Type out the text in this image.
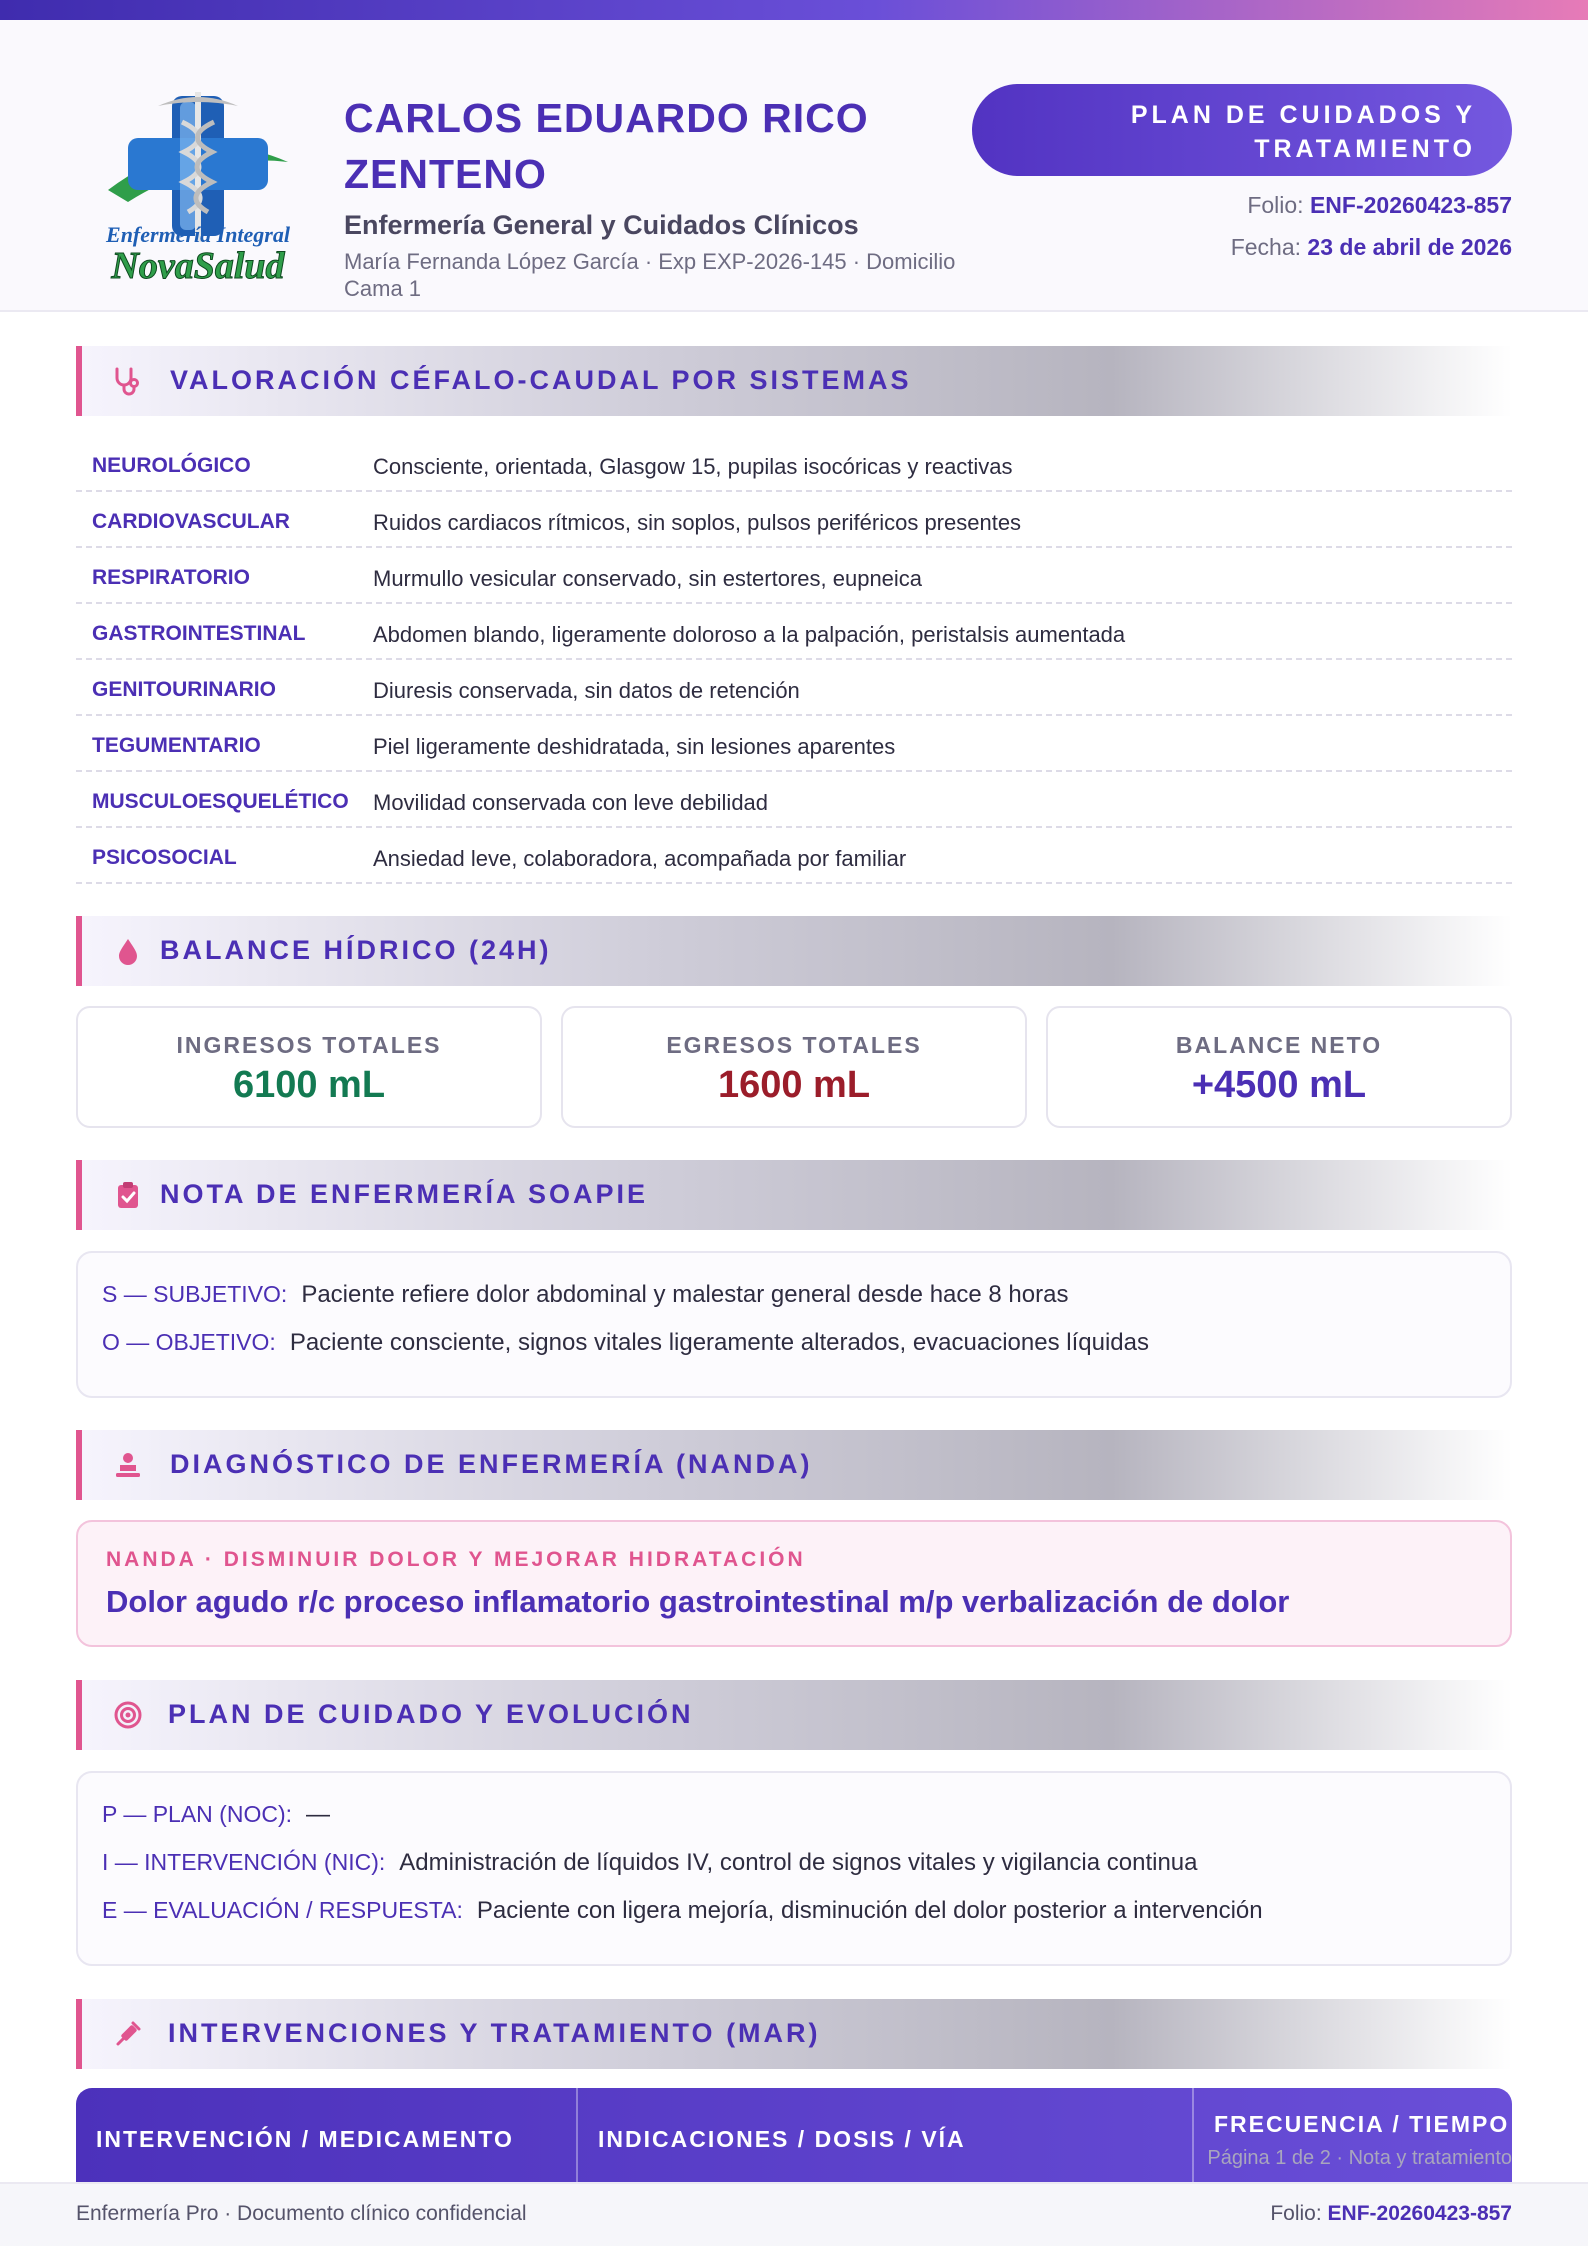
Enfermería Integral
NovaSalud
CARLOS EDUARDO RICO ZENTENO
Enfermería General y Cuidados Clínicos
María Fernanda López García · Exp EXP-2026-145 · Domicilio Cama 1
PLAN DE CUIDADOS Y TRATAMIENTO
Folio: ENF-20260423-857
Fecha: 23 de abril de 2026
VALORACIÓN CÉFALO-CAUDAL POR SISTEMAS
NEUROLÓGICO	Consciente, orientada, Glasgow 15, pupilas isocóricas y reactivas
CARDIOVASCULAR	Ruidos cardiacos rítmicos, sin soplos, pulsos periféricos presentes
RESPIRATORIO	Murmullo vesicular conservado, sin estertores, eupneica
GASTROINTESTINAL	Abdomen blando, ligeramente doloroso a la palpación, peristalsis aumentada
GENITOURINARIO	Diuresis conservada, sin datos de retención
TEGUMENTARIO	Piel ligeramente deshidratada, sin lesiones aparentes
MUSCULOESQUELÉTICO Movilidad conservada con leve debilidad
PSICOSOCIAL	Ansiedad leve, colaboradora, acompañada por familiar
BALANCE HÍDRICO (24H)
INGRESOS TOTALES
6100 mL
EGRESOS TOTALES
1600 mL
BALANCE NETO
+4500 mL
NOTA DE ENFERMERÍA SOAPIE
S — SUBJETIVO: Paciente refiere dolor abdominal y malestar general desde hace 8 horas
O — OBJETIVO: Paciente consciente, signos vitales ligeramente alterados, evacuaciones líquidas
DIAGNÓSTICO DE ENFERMERÍA (NANDA)
NANDA · DISMINUIR DOLOR Y MEJORAR HIDRATACIÓN
Dolor agudo r/c proceso inflamatorio gastrointestinal m/p verbalización de dolor
PLAN DE CUIDADO Y EVOLUCIÓN
P — PLAN (NOC): —
I — INTERVENCIÓN (NIC): Administración de líquidos IV, control de signos vitales y vigilancia continua
E — EVALUACIÓN / RESPUESTA: Paciente con ligera mejoría, disminución del dolor posterior a intervención
INTERVENCIONES Y TRATAMIENTO (MAR)
INTERVENCIÓN / MEDICAMENTO	INDICACIONES / DOSIS / VÍA
FRECUENCIA / TIEMPO
Página 1 de 2 · Nota y tratamiento
Enfermería Pro · Documento clínico confidencial	Folio: ENF-20260423-857
